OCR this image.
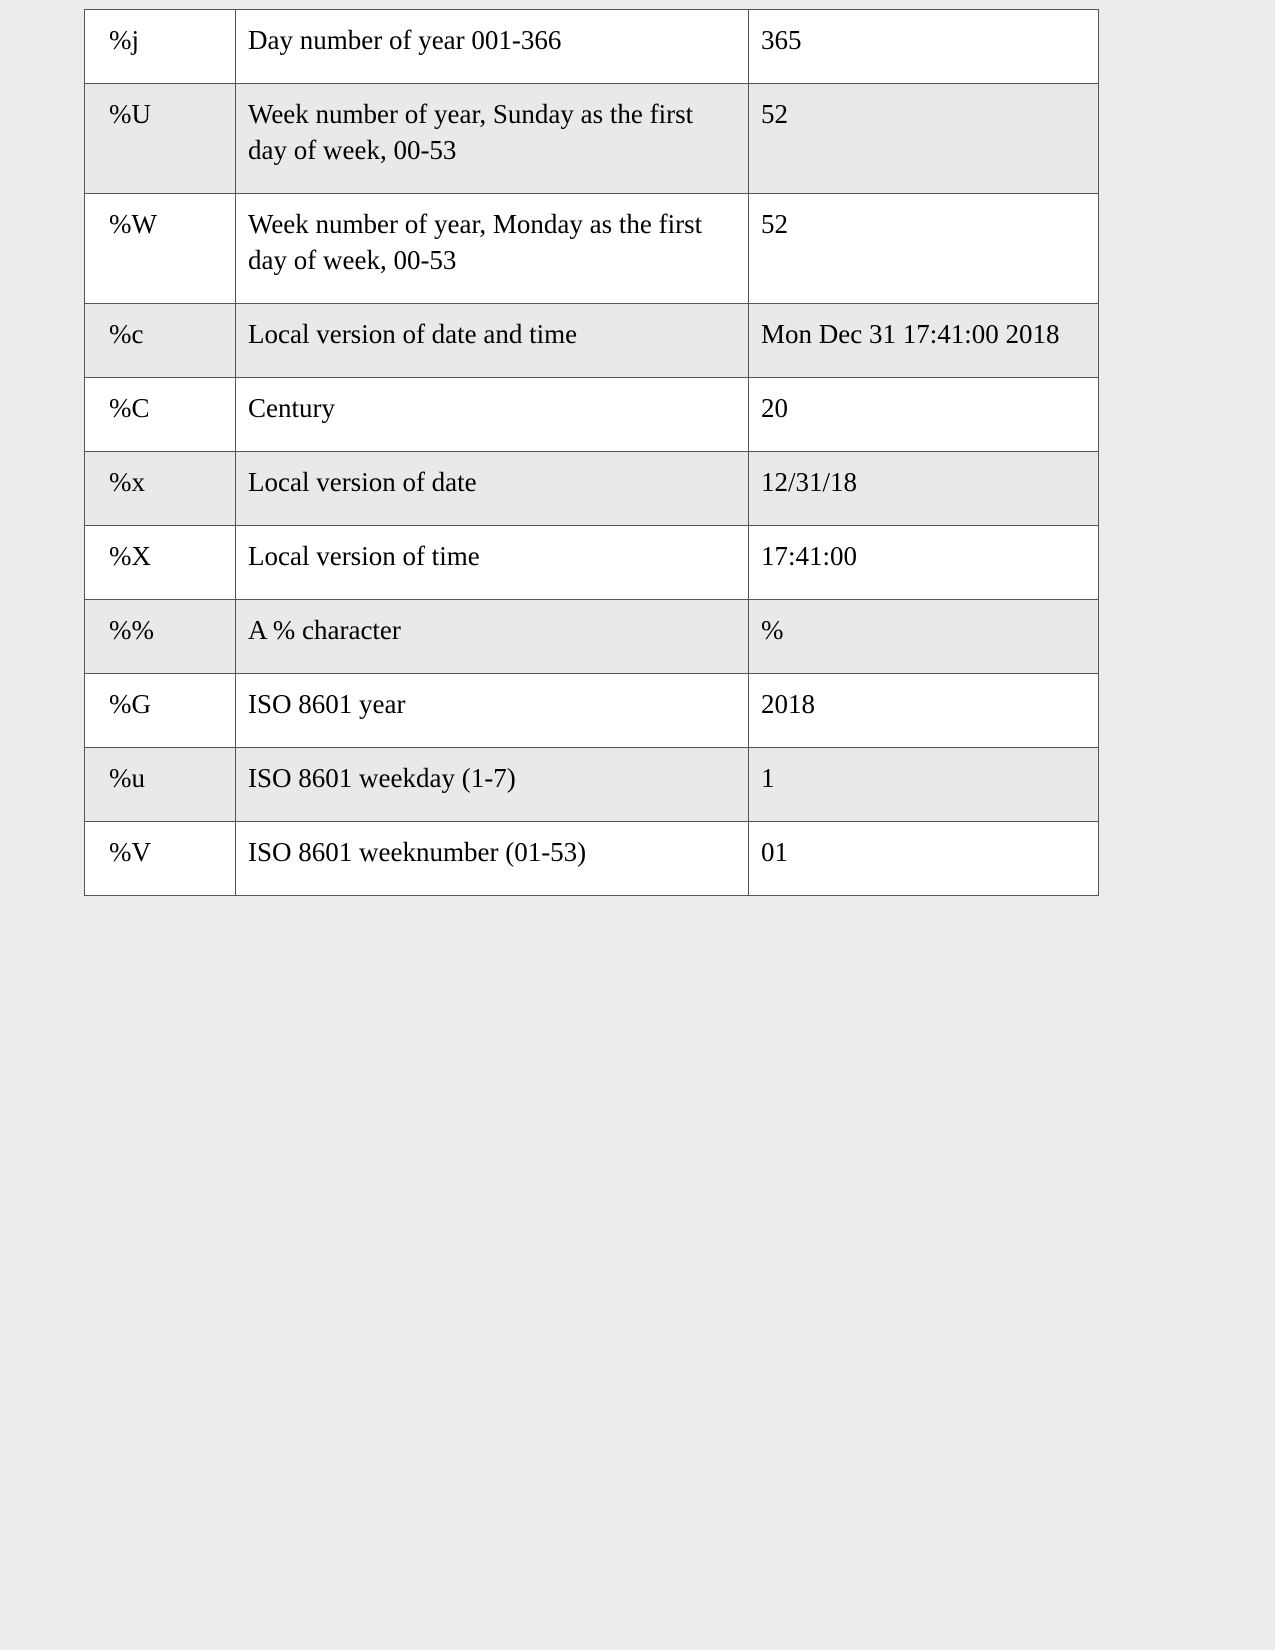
%j	Day number of year 001-366	365
%U	Week number of year, Sunday as the first day of week, 00-53	52
%W	Week number of year, Monday as the first day of week, 00-53	52
%c	Local version of date and time	Mon Dec 31 17:41:00 2018
%C	Century	20
%x	Local version of date	12/31/18
%X	Local version of time	17:41:00
%%	A % character	%
%G	ISO 8601 year	2018
%u	ISO 8601 weekday (1-7)	1
%V	ISO 8601 weeknumber (01-53)	01
